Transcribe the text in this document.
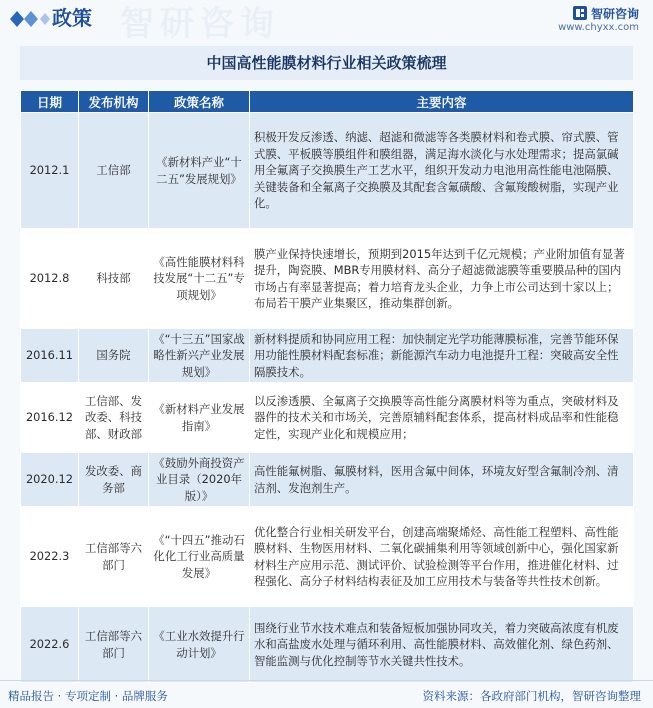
智研咨询
政策	智研咨询
www.chyxx.com
中国高性能膜材料行业相关政策梳理
日期	发布机构	政策名称	主要内容
2012.1	工信部	《新材料产业“十二五”发展规划》	积极开发反渗透、纳滤、超滤和微滤等各类膜材料和卷式膜、帘式膜、管式膜、平板膜等膜组件和膜组器，满足海水淡化与水处理需求；提高氯碱用全氟离子交换膜生产工艺水平，组织开发动力电池用高性能电池隔膜、关键装备和全氟离子交换膜及其配套含氟磺酸、含氟羧酸树脂，实现产业化。
2012.8	科技部	《高性能膜材料科技发展“十二五”专项规划》	膜产业保持快速增长，预期到2015年达到千亿元规模；产业附加值有显著提升，陶瓷膜、MBR专用膜材料、高分子超滤微滤膜等重要膜品种的国内市场占有率显著提高；着力培育龙头企业，力争上市公司达到十家以上；布局若干膜产业集聚区，推动集群创新。
2016.11	国务院	《“十三五”国家战略性新兴产业发展规划》	新材料提质和协同应用工程：加快制定光学功能薄膜标准，完善节能环保用功能性膜材料配套标准；新能源汽车动力电池提升工程：突破高安全性隔膜技术。
2016.12	工信部、发改委、科技部、财政部	《新材料产业发展指南》	以反渗透膜、全氟离子交换膜等高性能分离膜材料等为重点，突破材料及器件的技术关和市场关，完善原辅料配套体系，提高材料成品率和性能稳定性，实现产业化和规模应用；
2020.12	发改委、商务部	《鼓励外商投资产业目录（2020年版）》	高性能氟树脂、氟膜材料，医用含氟中间体，环境友好型含氟制冷剂、清洁剂、发泡剂生产。
2022.3	工信部等六部门	《“十四五”推动石化化工行业高质量发展》	优化整合行业相关研发平台，创建高端聚烯烃、高性能工程塑料、高性能膜材料、生物医用材料、二氧化碳捕集利用等领域创新中心，强化国家新材料生产应用示范、测试评价、试验检测等平台作用，推进催化材料、过程强化、高分子材料结构表征及加工应用技术与装备等共性技术创新。
2022.6	工信部等六部门	《工业水效提升行动计划》	围绕行业节水技术难点和装备短板加强协同攻关，着力突破高浓度有机废水和高盐废水处理与循环利用、高性能膜材料、高效催化剂、绿色药剂、智能监测与优化控制等节水关键共性技术。
精品报告 · 专项定制 · 品牌服务	资料来源：各政府部门机构，智研咨询整理
